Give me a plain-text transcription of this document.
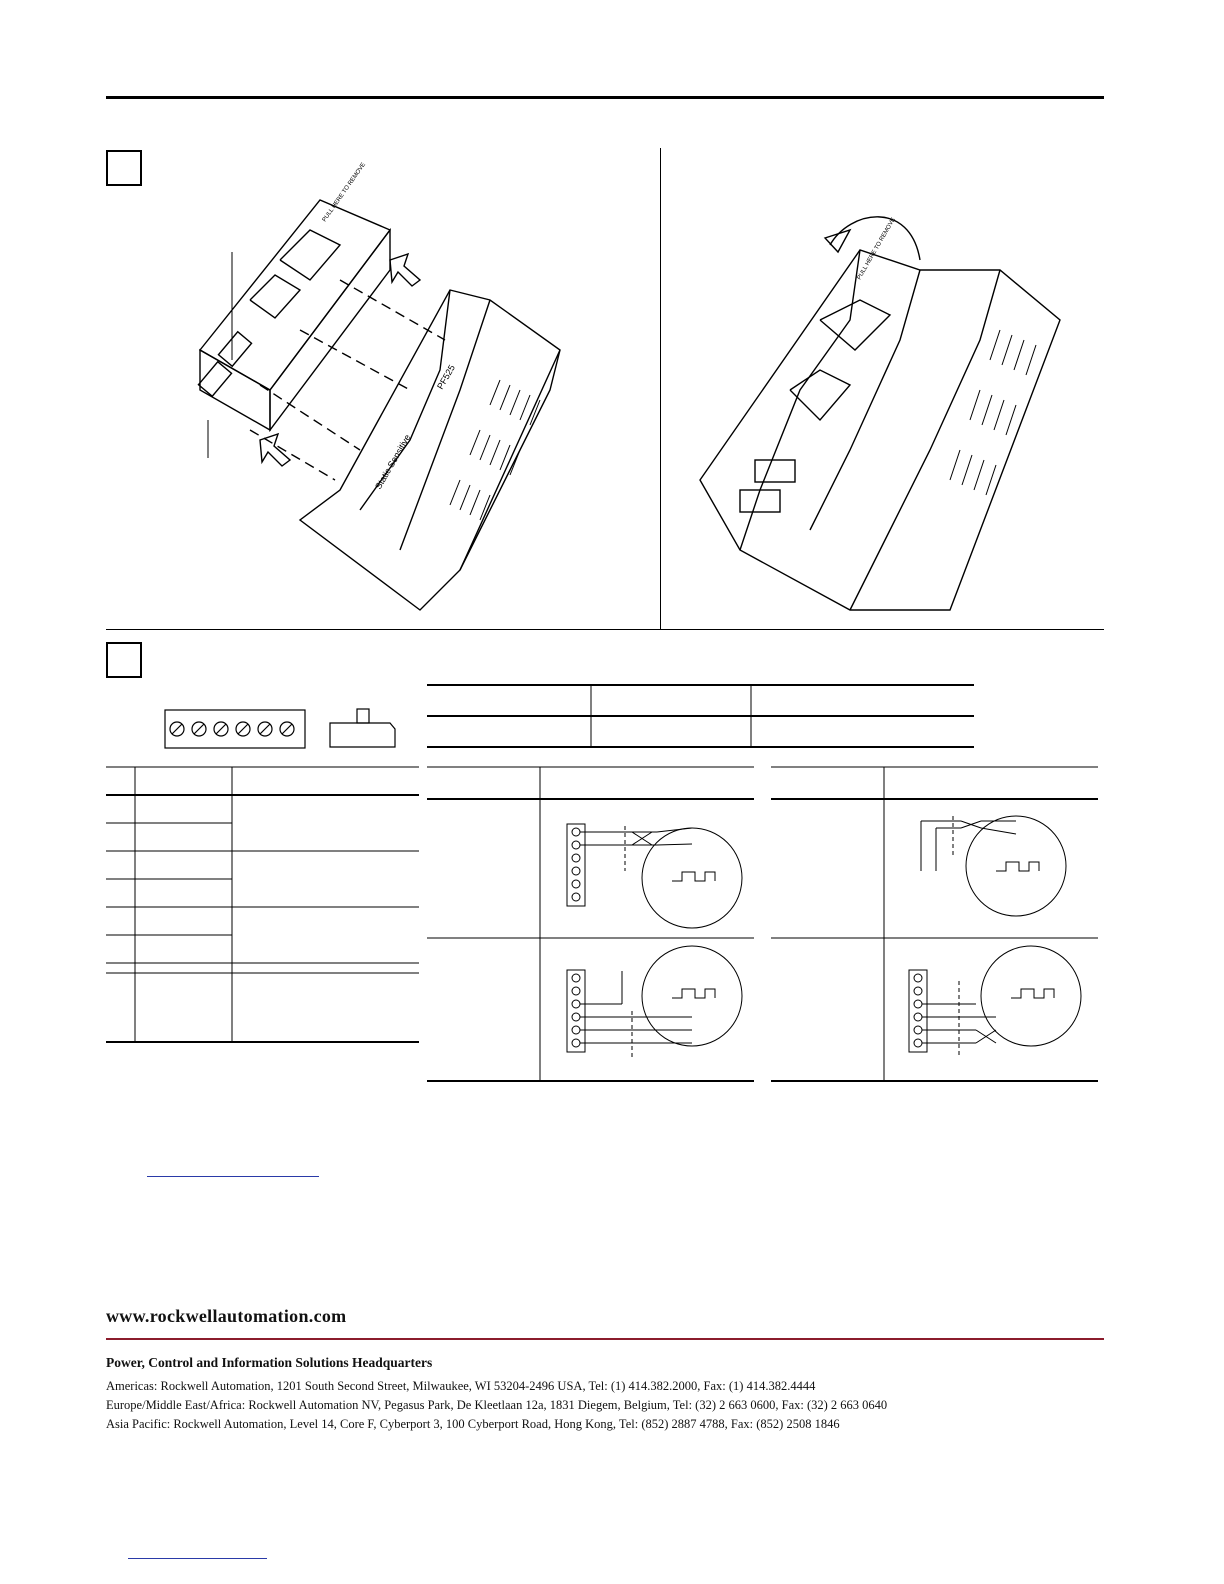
PF525
Static Sensitive
PULL HERE TO REMOVE
PULL HERE TO REMOVE
www.rockwellautomation.com
Power, Control and Information Solutions Headquarters
Americas: Rockwell Automation, 1201 South Second Street, Milwaukee, WI 53204-2496 USA, Tel: (1) 414.382.2000, Fax: (1) 414.382.4444
Europe/Middle East/Africa: Rockwell Automation NV, Pegasus Park, De Kleetlaan 12a, 1831 Diegem, Belgium, Tel: (32) 2 663 0600, Fax: (32) 2 663 0640
Asia Pacific: Rockwell Automation, Level 14, Core F, Cyberport 3, 100 Cyberport Road, Hong Kong, Tel: (852) 2887 4788, Fax: (852) 2508 1846
